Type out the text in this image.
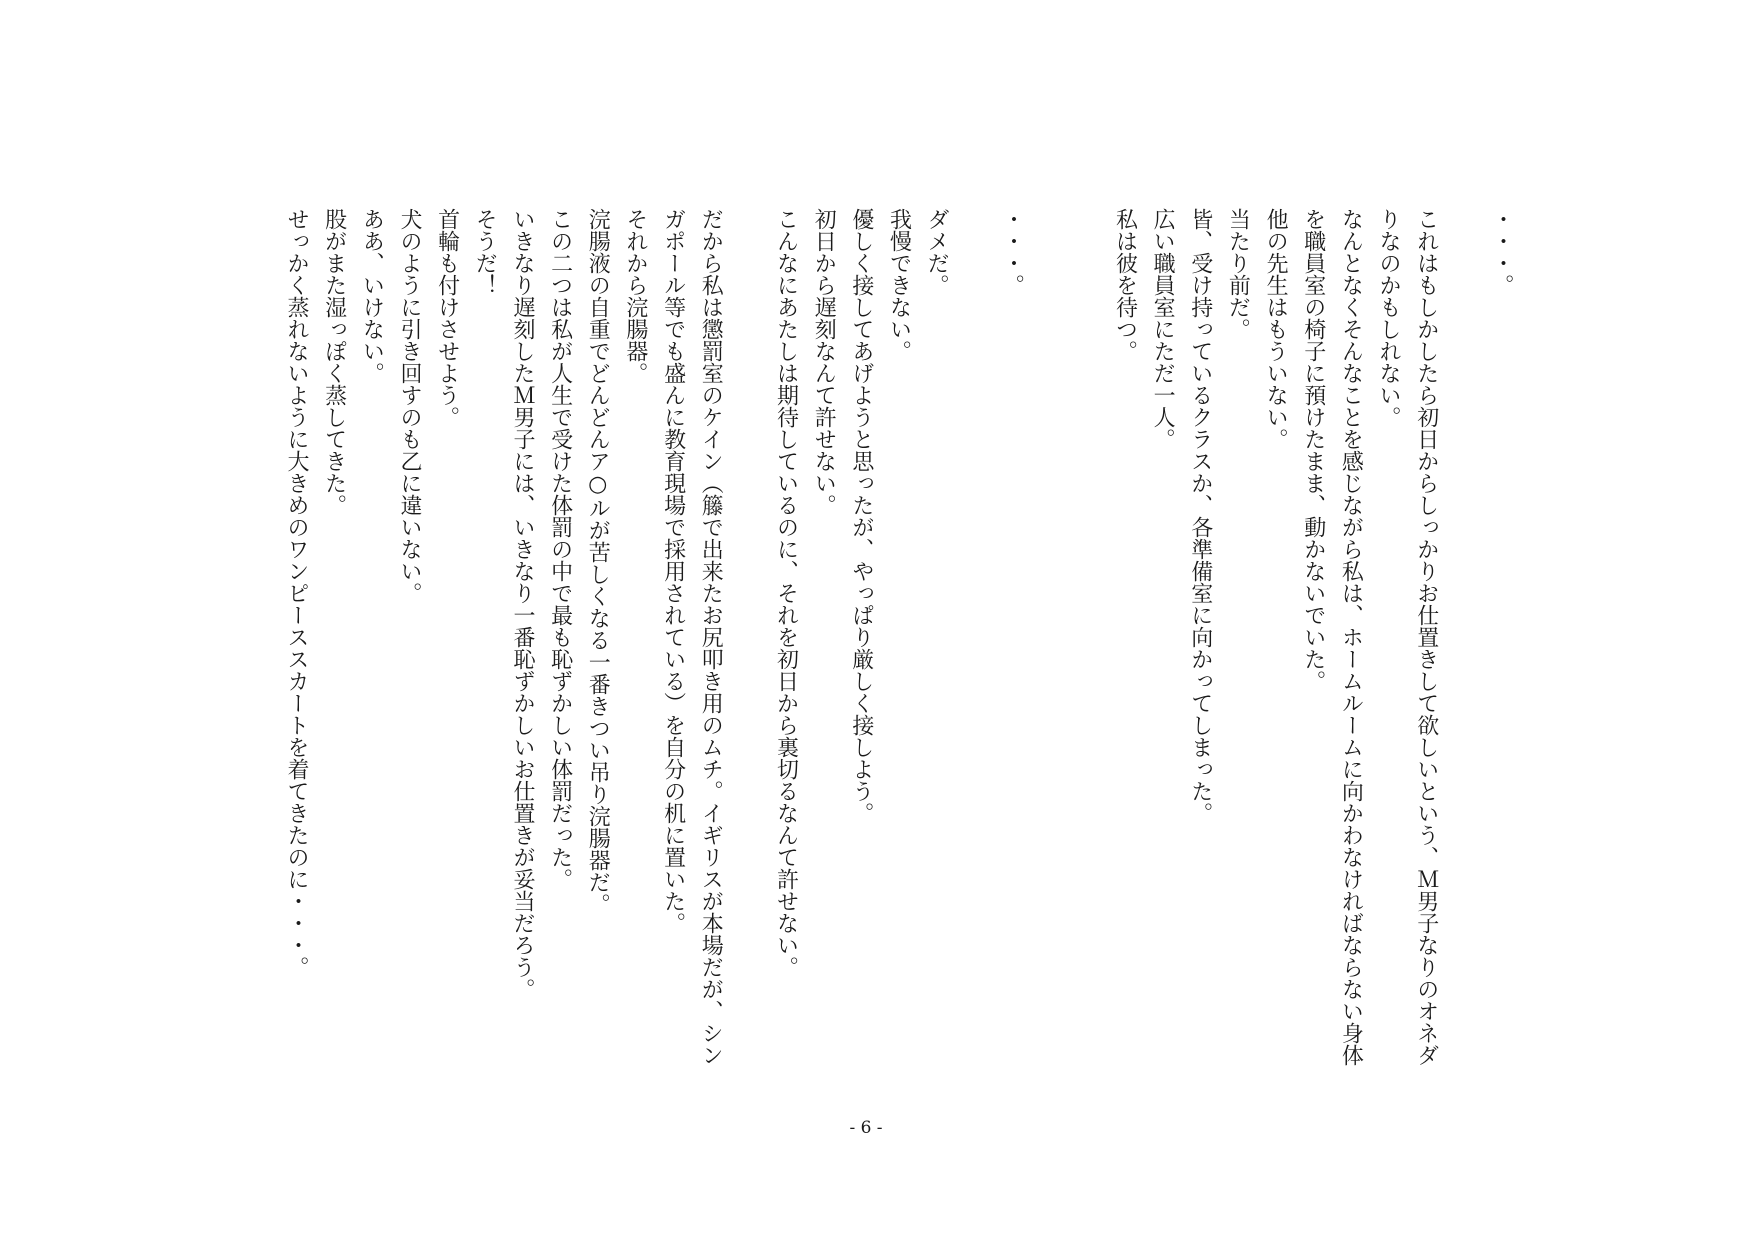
・・・。

これはもしかしたら初日からしっかりお仕置きして欲しいという、Ｍ男子なりのオネダ

りなのかもしれない。

なんとなくそんなことを感じながら私は、ホームルームに向かわなければならない身体

を職員室の椅子に預けたまま、動かないでいた。

他の先生はもういない。

当たり前だ。

皆、受け持っているクラスか、各準備室に向かってしまった。

広い職員室にただ一人。

私は彼を待つ。

・・・。

ダメだ。

我慢できない。

優しく接してあげようと思ったが、やっぱり厳しく接しよう。

初日から遅刻なんて許せない。

こんなにあたしは期待しているのに、それを初日から裏切るなんて許せない。

だから私は懲罰室のケイン（籐で出来たお尻叩き用のムチ。イギリスが本場だが、シン

ガポール等でも盛んに教育現場で採用されている）を自分の机に置いた。

それから浣腸器。

浣腸液の自重でどんどんア○ルが苦しくなる一番きつい吊り浣腸器だ。

この二つは私が人生で受けた体罰の中で最も恥ずかしい体罰だった。

いきなり遅刻したＭ男子には、いきなり一番恥ずかしいお仕置きが妥当だろう。

そうだ！

首輪も付けさせよう。

犬のように引き回すのも乙に違いない。

ああ、いけない。

股がまた湿っぽく蒸してきた。

せっかく蒸れないように大きめのワンピーススカートを着てきたのに・・・。

- 6 -
